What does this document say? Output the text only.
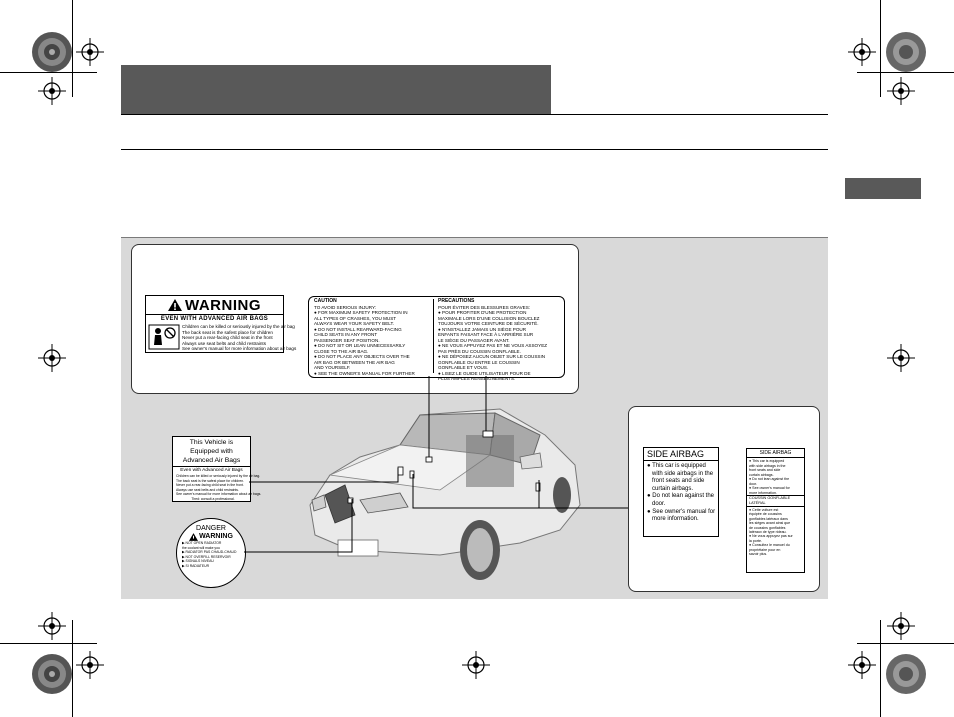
WARNING
EVEN WITH ADVANCED AIR BAGS
Children can be killed or seriously injured by the air bag
The back seat is the safest place for children
Never put a rear-facing child seat in the front
Always use seat belts and child restraints
See owner's manual for more information about air bags
CAUTION
TO AVOID SERIOUS INJURY:
● FOR MAXIMUM SAFETY PROTECTION IN
ALL TYPES OF CRASHES, YOU MUST
ALWAYS WEAR YOUR SAFETY BELT.
● DO NOT INSTALL REARWARD-FACING
CHILD SEATS IN ANY FRONT
PASSENGER SEAT POSITION.
● DO NOT SIT OR LEAN UNNECESSARILY
CLOSE TO THE AIR BAG.
● DO NOT PLACE ANY OBJECTS OVER THE
AIR BAG OR BETWEEN THE AIR BAG
AND YOURSELF.
● SEE THE OWNER'S MANUAL FOR FURTHER
PRECAUTIONS
POUR ÉVITER DES BLESSURES GRAVES:
● POUR PROFITER D'UNE PROTECTION
MAXIMALE LORS D'UNE COLLISION BOUCLEZ
TOUJOURS VOTRE CEINTURE DE SÉCURITÉ.
● N'INSTALLEZ JAMAIS UN SIÈGE POUR
ENFANTS FAISANT FACE À L'ARRIÈRE SUR
LE SIÈGE DU PASSAGER AVANT.
● NE VOUS APPUYEZ PAS ET NE VOUS ASSOYEZ
PAS PRÈS DU COUSSIN GONFLABLE.
● NE DÉPOSEZ AUCUN OBJET SUR LE COUSSIN
GONFLABLE OU ENTRE LE COUSSIN
GONFLABLE ET VOUS.
● LISEZ LE GUIDE UTILISATEUR POUR DE
PLUS AMPLES RENSEIGNEMENTS.
SIDE AIRBAG
● This car is equipped
with side airbags in the
front seats and side
curtain airbags.
● Do not lean against the
door.
● See owner's manual for
more information.
SIDE AIRBAG
● This car is equipped
with side airbags in the
front seats and side
curtain airbags.
● Do not lean against the
door.
● See owner's manual for
more information.
COUSSIN GONFLABLE LATÉRAL
● Cette voiture est
équipée de coussins
gonflables latéraux dans
les sièges avant ainsi que
de coussins gonflables
latéraux de type rideau.
● Ne vous appuyez pas sur
la porte.
● Consultez le manuel du
propriétaire pour en
savoir plus.
This Vehicle is Equipped with Advanced Air Bags
Even with Advanced Air Bags
Children can be killed or seriously injured by the air bag.
The back seat is the safest place for children.
Never put a rear-facing child seat in the front.
Always use seat belts and child restraints.
See owner's manual for more information about air bags.
Tired: consult a professional.
DANGER
WARNING
▶ NOT OPEN RADIATOR
the coolant will make you
▶ RADIATOR PAS CHAUD-CHAUD
▶ NOT OVERFILL RESERVOIR
▶ SIGNALS NIVEAU
▶ SI RADIATEUR
